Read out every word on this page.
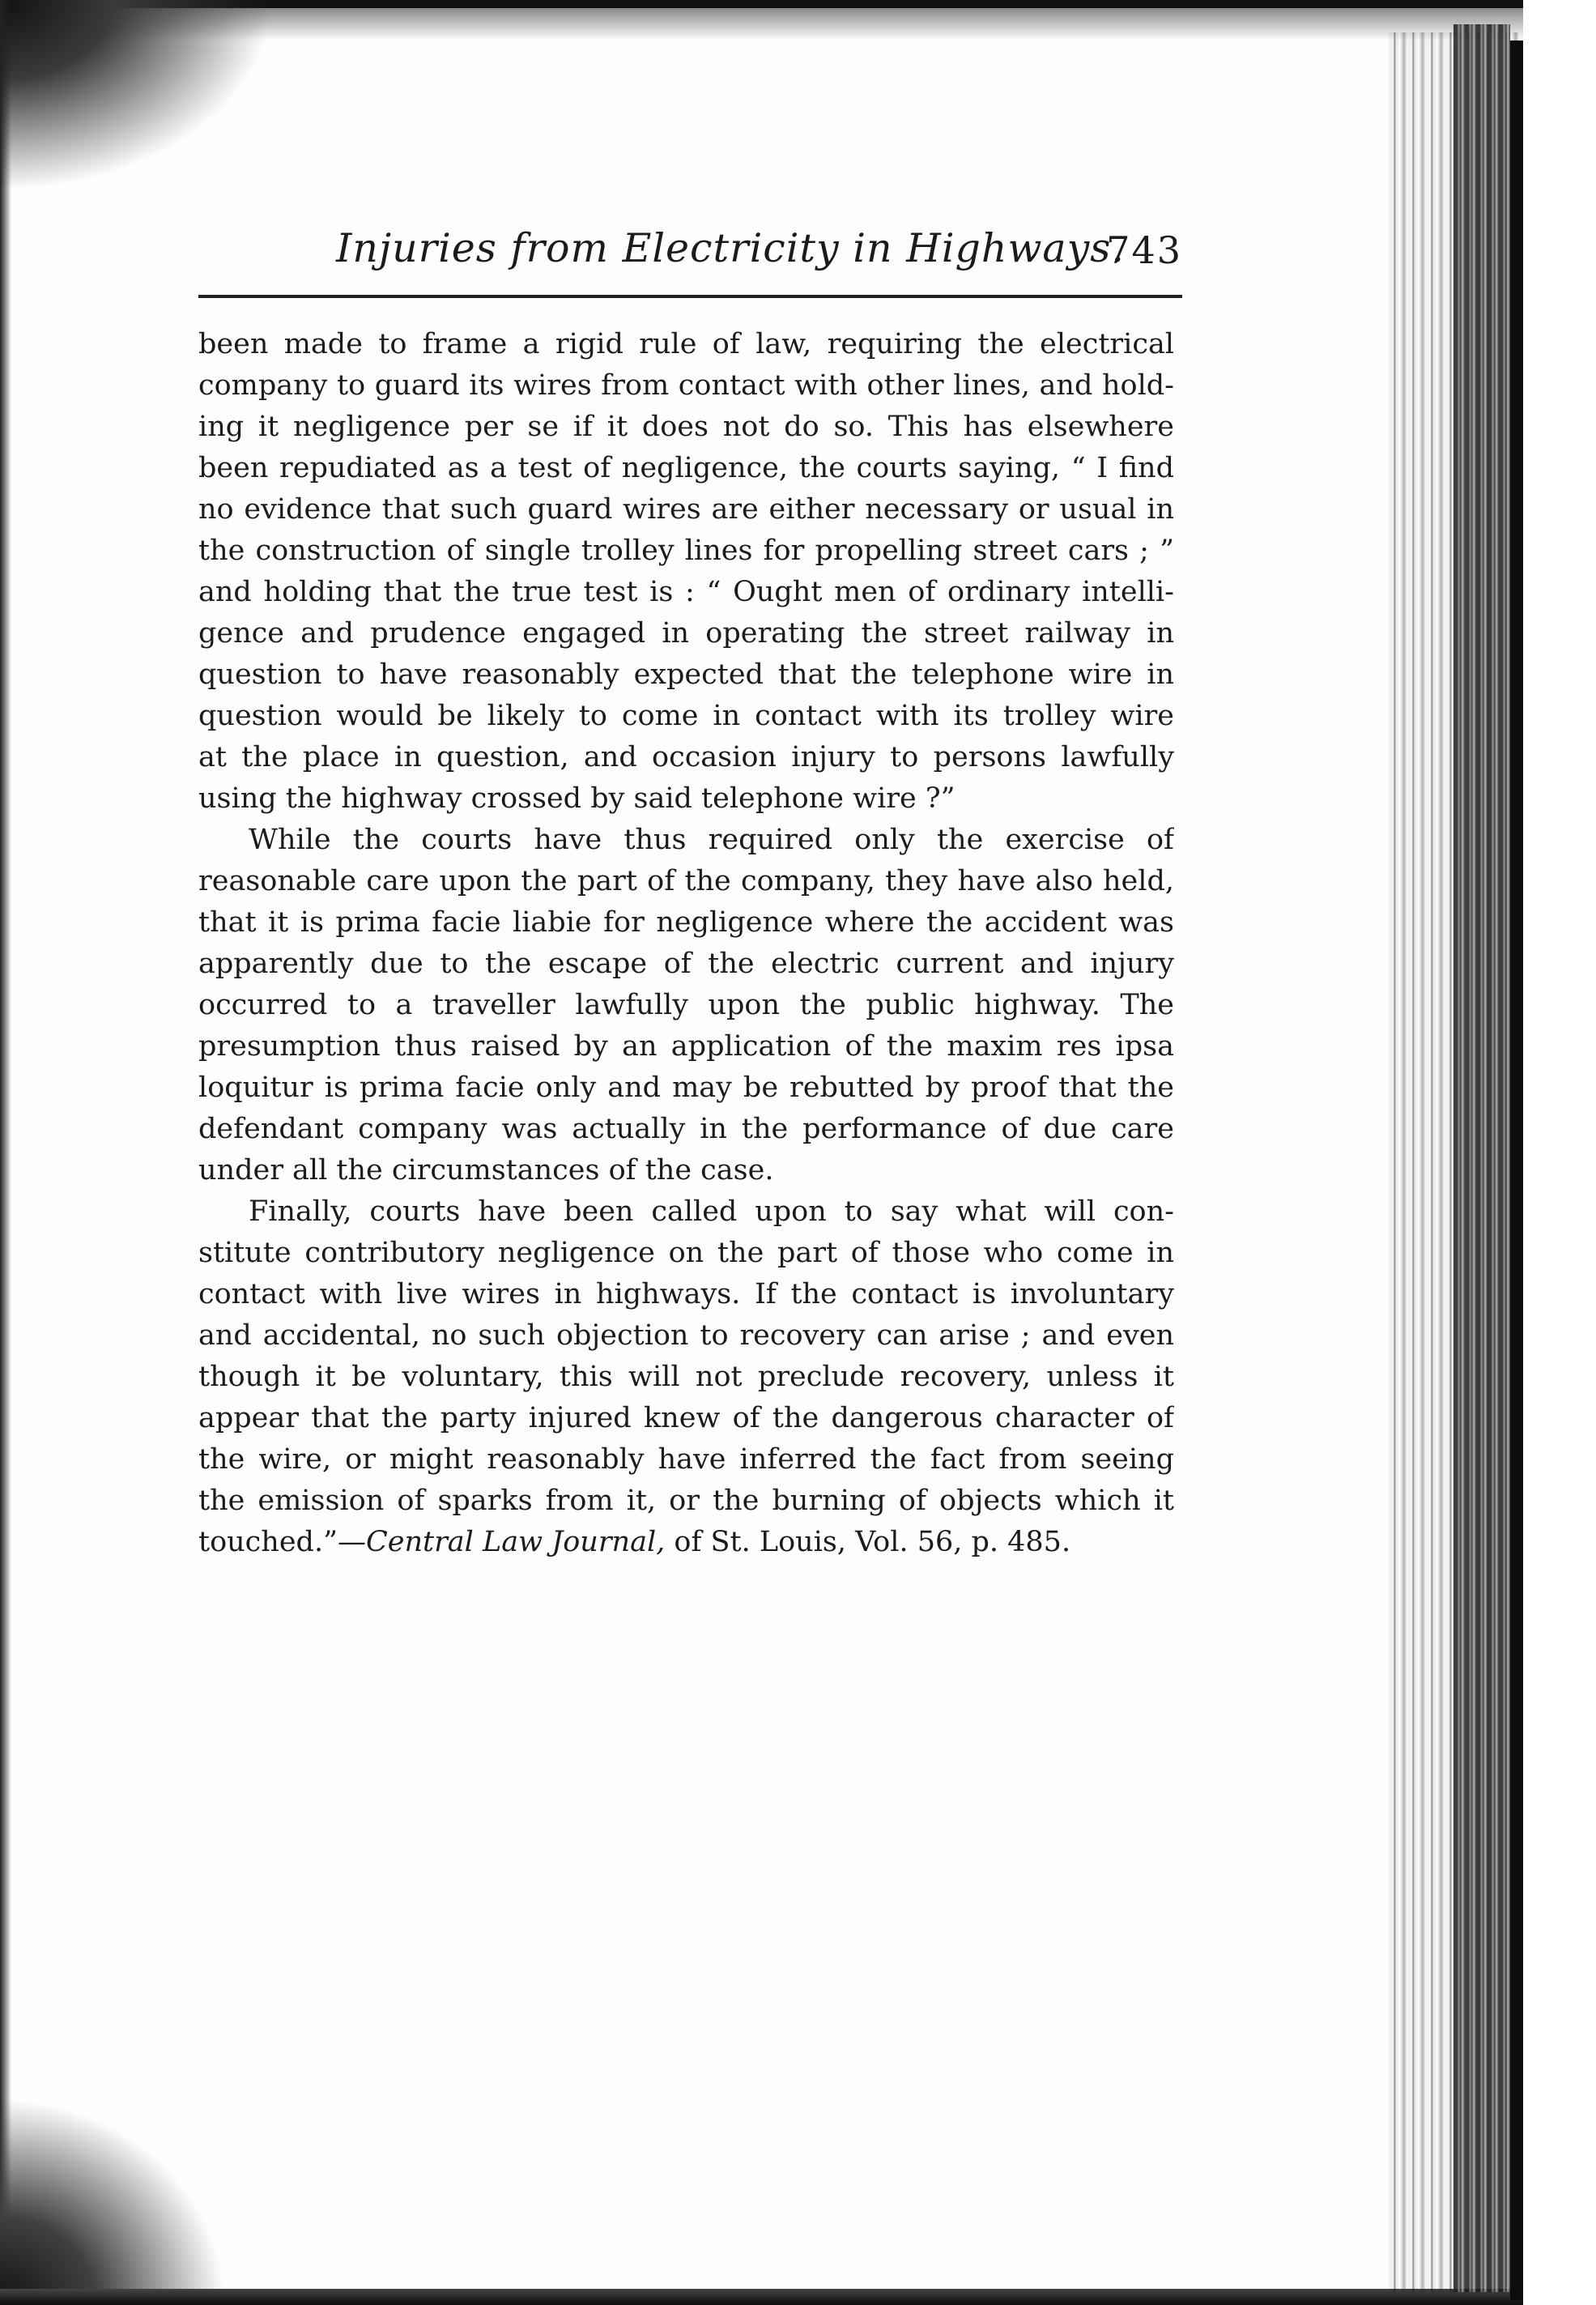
Injuries from Electricity in Highways.
743
been made to frame a rigid rule of law, requiring the electrical
company to guard its wires from contact with other lines, and hold-
ing it negligence per se if it does not do so. This has elsewhere
been repudiated as a test of negligence, the courts saying, “ I find
no evidence that such guard wires are either necessary or usual in
the construction of single trolley lines for propelling street cars ; ”
and holding that the true test is : “ Ought men of ordinary intelli-
gence and prudence engaged in operating the street railway in
question to have reasonably expected that the telephone wire in
question would be likely to come in contact with its trolley wire
at the place in question, and occasion injury to persons lawfully
using the highway crossed by said telephone wire ?”
While the courts have thus required only the exercise of
reasonable care upon the part of the company, they have also held,
that it is prima facie liabie for negligence where the accident was
apparently due to the escape of the electric current and injury
occurred to a traveller lawfully upon the public highway. The
presumption thus raised by an application of the maxim res ipsa
loquitur is prima facie only and may be rebutted by proof that the
defendant company was actually in the performance of due care
under all the circumstances of the case.
Finally, courts have been called upon to say what will con-
stitute contributory negligence on the part of those who come in
contact with live wires in highways. If the contact is involuntary
and accidental, no such objection to recovery can arise ; and even
though it be voluntary, this will not preclude recovery, unless it
appear that the party injured knew of the dangerous character of
the wire, or might reasonably have inferred the fact from seeing
the emission of sparks from it, or the burning of objects which it
touched.”—Central Law Journal, of St. Louis, Vol. 56, p. 485.
